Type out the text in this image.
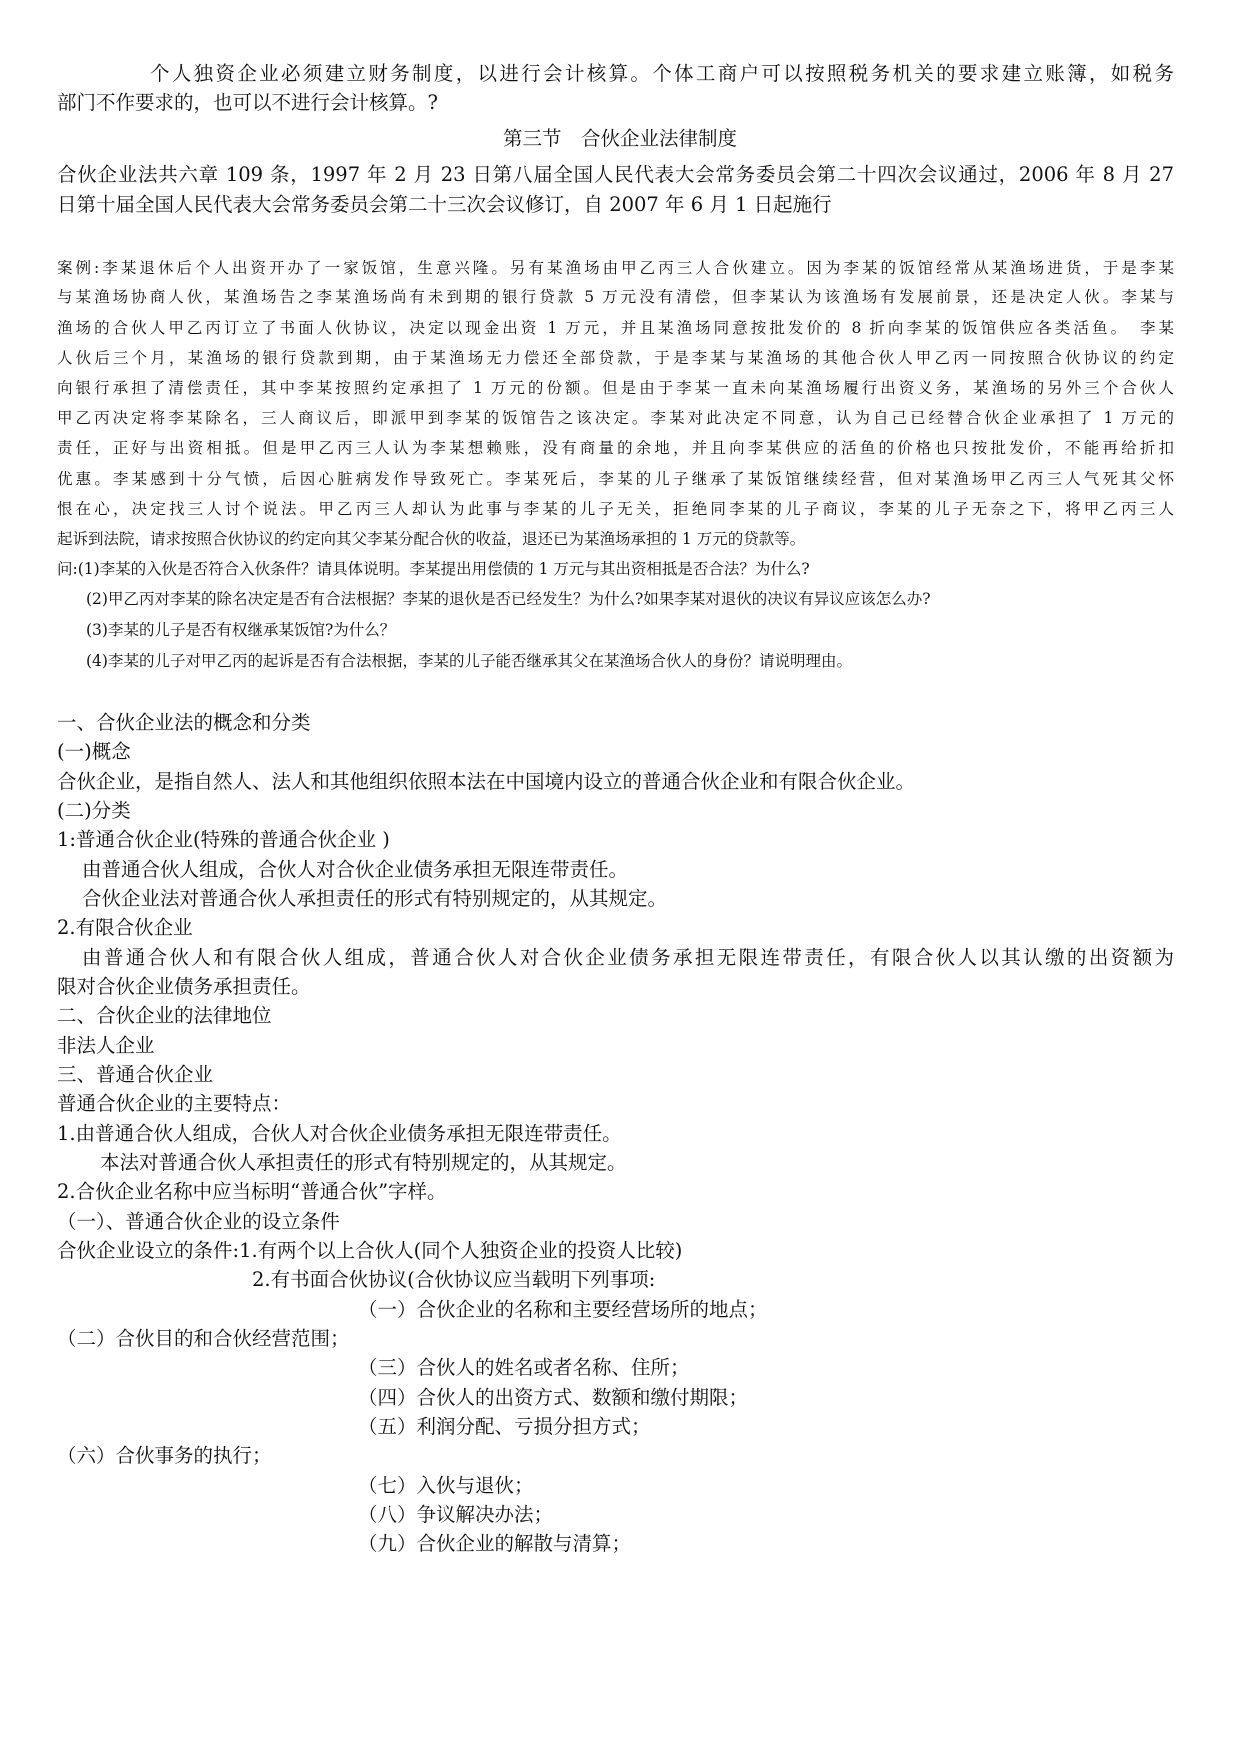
个人独资企业必须建立财务制度，以进行会计核算。个体工商户可以按照税务机关的要求建立账簿，如税务

部门不作要求的，也可以不进行会计核算。?

第三节　合伙企业法律制度

合伙企业法共六章 109 条，1997 年 2 月 23 日第八届全国人民代表大会常务委员会第二十四次会议通过，2006 年 8 月 27

日第十届全国人民代表大会常务委员会第二十三次会议修订，自 2007 年 6 月 1 日起施行

案例:李某退休后个人出资开办了一家饭馆，生意兴隆。另有某渔场由甲乙丙三人合伙建立。因为李某的饭馆经常从某渔场进货，于是李某

与某渔场协商人伙，某渔场告之李某渔场尚有未到期的银行贷款 5 万元没有清偿，但李某认为该渔场有发展前景，还是决定人伙。李某与

渔场的合伙人甲乙丙订立了书面人伙协议，决定以现金出资 1 万元，并且某渔场同意按批发价的 8 折向李某的饭馆供应各类活鱼。　李某

人伙后三个月，某渔场的银行贷款到期，由于某渔场无力偿还全部贷款，于是李某与某渔场的其他合伙人甲乙丙一同按照合伙协议的约定

向银行承担了清偿责任，其中李某按照约定承担了 1 万元的份额。但是由于李某一直未向某渔场履行出资义务，某渔场的另外三个合伙人

甲乙丙决定将李某除名，三人商议后，即派甲到李某的饭馆告之该决定。李某对此决定不同意，认为自己已经替合伙企业承担了 1 万元的

责任，正好与出资相抵。但是甲乙丙三人认为李某想赖账，没有商量的余地，并且向李某供应的活鱼的价格也只按批发价，不能再给折扣

优惠。李某感到十分气愤，后因心脏病发作导致死亡。李某死后，李某的儿子继承了某饭馆继续经营，但对某渔场甲乙丙三人气死其父怀

恨在心，决定找三人讨个说法。甲乙丙三人却认为此事与李某的儿子无关，拒绝同李某的儿子商议，李某的儿子无奈之下，将甲乙丙三人

起诉到法院，请求按照合伙协议的约定向其父李某分配合伙的收益，退还已为某渔场承担的 1 万元的贷款等。

问:(1)李某的入伙是否符合入伙条件？请具体说明。李某提出用偿债的 1 万元与其出资相抵是否合法？为什么?

(2)甲乙丙对李某的除名决定是否有合法根据？李某的退伙是否已经发生？为什么?如果李某对退伙的决议有异议应该怎么办?

(3)李某的儿子是否有权继承某饭馆?为什么？

(4)李某的儿子对甲乙丙的起诉是否有合法根据，李某的儿子能否继承其父在某渔场合伙人的身份？请说明理由。

一、合伙企业法的概念和分类

(一)概念

合伙企业，是指自然人、法人和其他组织依照本法在中国境内设立的普通合伙企业和有限合伙企业。

(二)分类

1:普通合伙企业(特殊的普通合伙企业 )

由普通合伙人组成，合伙人对合伙企业债务承担无限连带责任。

合伙企业法对普通合伙人承担责任的形式有特别规定的，从其规定。

2.有限合伙企业

由普通合伙人和有限合伙人组成，普通合伙人对合伙企业债务承担无限连带责任，有限合伙人以其认缴的出资额为

限对合伙企业债务承担责任。

二、合伙企业的法律地位

非法人企业

三、普通合伙企业

普通合伙企业的主要特点：

1.由普通合伙人组成，合伙人对合伙企业债务承担无限连带责任。

本法对普通合伙人承担责任的形式有特别规定的，从其规定。

2.合伙企业名称中应当标明“普通合伙”字样。

（一）、普通合伙企业的设立条件

合伙企业设立的条件:1.有两个以上合伙人(同个人独资企业的投资人比较)

2.有书面合伙协议(合伙协议应当载明下列事项:

（一）合伙企业的名称和主要经营场所的地点；

（二）合伙目的和合伙经营范围；

（三）合伙人的姓名或者名称、住所；

（四）合伙人的出资方式、数额和缴付期限；

（五）利润分配、亏损分担方式；

（六）合伙事务的执行；

（七）入伙与退伙；

（八）争议解决办法；

（九）合伙企业的解散与清算；
